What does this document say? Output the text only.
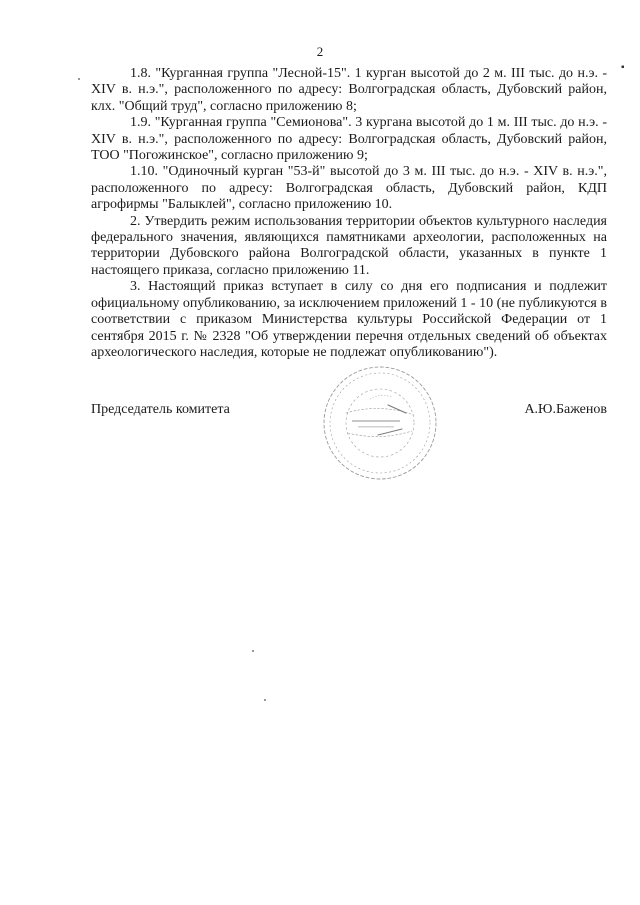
▪
2

1.8. "Курганная группа "Лесной-15". 1 курган высотой до 2 м. III тыс. до н.э. - XIV в. н.э.", расположенного по адресу: Волгоградская область, Дубовский район, клх. "Общий труд", согласно приложению 8;

1.9. "Курганная группа "Семионова". 3 кургана высотой до 1 м. III тыс. до н.э. - XIV в. н.э.", расположенного по адресу: Волгоградская область, Дубовский район, ТОО "Погожинское", согласно приложению 9;

1.10. "Одиночный курган "53-й" высотой до 3 м. III тыс. до н.э. - XIV в. н.э.", расположенного по адресу: Волгоградская область, Дубовский район, КДП агрофирмы "Балыклей", согласно приложению 10.

2. Утвердить режим использования территории объектов культурного наследия федерального значения, являющихся памятниками археологии, расположенных на территории Дубовского района Волгоградской области, указанных в пункте 1 настоящего приказа, согласно приложению 11.

3. Настоящий приказ вступает в силу со дня его подписания и подлежит официальному опубликованию, за исключением приложений 1 - 10 (не публикуются в соответствии с приказом Министерства культуры Российской Федерации от 1 сентября 2015 г. № 2328 "Об утверждении перечня отдельных сведений об объектах археологического наследия, которые не подлежат опубликованию").

Председатель комитета	А.Ю.Баженов
